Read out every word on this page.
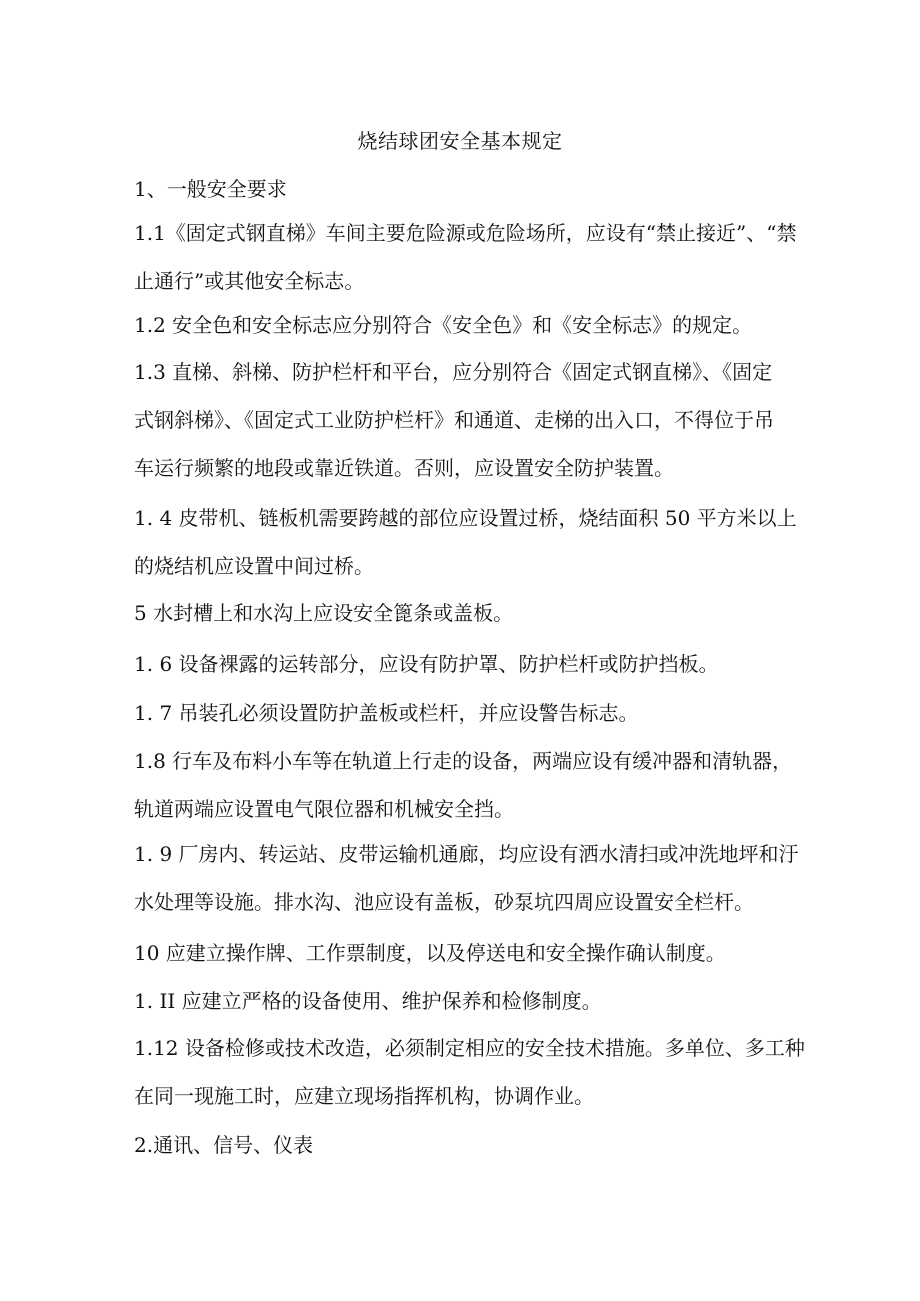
烧结球团安全基本规定
1、一般安全要求
1.1《固定式钢直梯》车间主要危险源或危险场所，应设有“禁止接近”、“禁
止通行”或其他安全标志。
1.2 安全色和安全标志应分别符合《安全色》和《安全标志》的规定。
1.3 直梯、斜梯、防护栏杆和平台，应分别符合《固定式钢直梯》、《固定
式钢斜梯》、《固定式工业防护栏杆》和通道、走梯的出入口，不得位于吊
车运行频繁的地段或靠近铁道。否则，应设置安全防护装置。
1. 4 皮带机、链板机需要跨越的部位应设置过桥，烧结面积 50 平方米以上
的烧结机应设置中间过桥。
5 水封槽上和水沟上应设安全篦条或盖板。
1. 6 设备裸露的运转部分，应设有防护罩、防护栏杆或防护挡板。
1. 7 吊装孔必须设置防护盖板或栏杆，并应设警告标志。
1.8 行车及布料小车等在轨道上行走的设备，两端应设有缓冲器和清轨器，
轨道两端应设置电气限位器和机械安全挡。
1. 9 厂房内、转运站、皮带运输机通廊，均应设有洒水清扫或冲洗地坪和汙
水处理等设施。排水沟、池应设有盖板，砂泵坑四周应设置安全栏杆。
10 应建立操作牌、工作票制度，以及停送电和安全操作确认制度。
1. II 应建立严格的设备使用、维护保养和检修制度。
1.12 设备检修或技术改造，必须制定相应的安全技术措施。多单位、多工种
在同一现施工时，应建立现场指挥机构，协调作业。
2.通讯、信号、仪表
